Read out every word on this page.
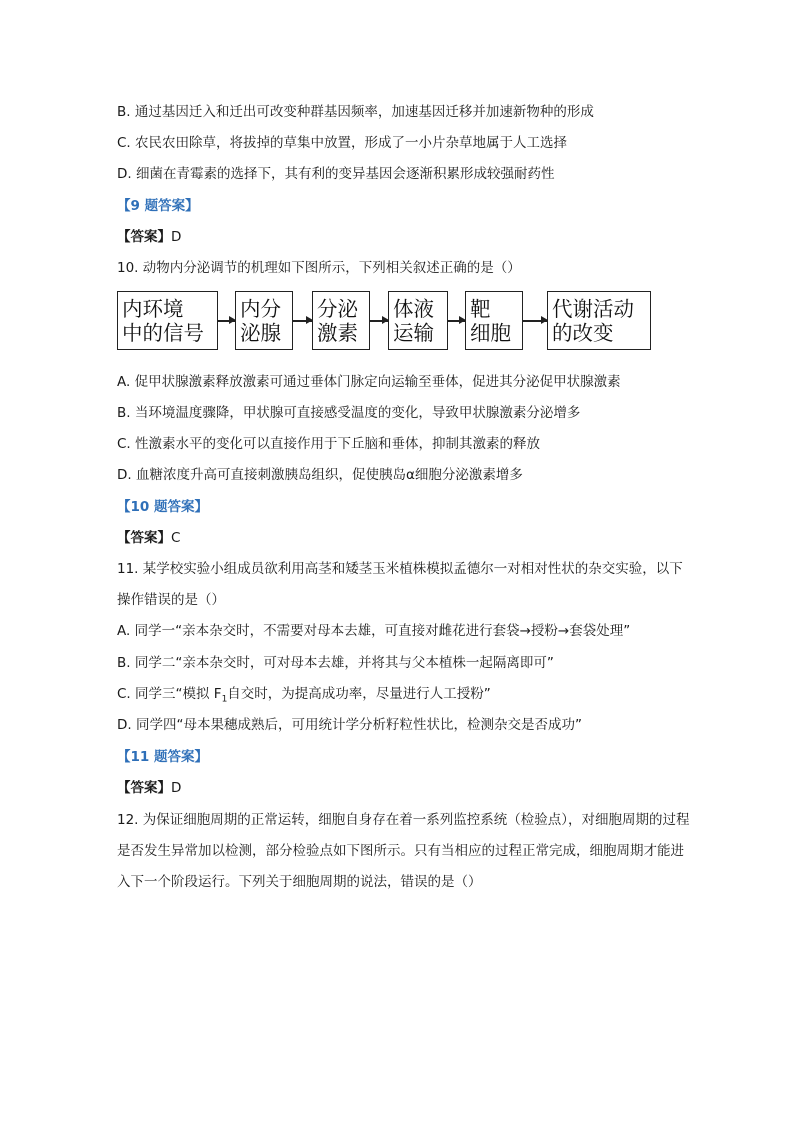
B. 通过基因迁入和迁出可改变种群基因频率，加速基因迁移并加速新物种的形成

C. 农民农田除草，将拔掉的草集中放置，形成了一小片杂草地属于人工选择

D. 细菌在青霉素的选择下，其有利的变异基因会逐渐积累形成较强耐药性

【9 题答案】

【答案】D

10. 动物内分泌调节的机理如下图所示，下列相关叙述正确的是（）

内环境
中的信号
内分
泌腺
分泌
激素
体液
运输
靶
细胞
代谢活动
的改变

A. 促甲状腺激素释放激素可通过垂体门脉定向运输至垂体，促进其分泌促甲状腺激素

B. 当环境温度骤降，甲状腺可直接感受温度的变化，导致甲状腺激素分泌增多

C. 性激素水平的变化可以直接作用于下丘脑和垂体，抑制其激素的释放

D. 血糖浓度升高可直接刺激胰岛组织，促使胰岛α细胞分泌激素增多

【10 题答案】

【答案】C

11. 某学校实验小组成员欲利用高茎和矮茎玉米植株模拟孟德尔一对相对性状的杂交实验，以下

操作错误的是（）

A. 同学一“亲本杂交时，不需要对母本去雄，可直接对雌花进行套袋→授粉→套袋处理”

B. 同学二“亲本杂交时，可对母本去雄，并将其与父本植株一起隔离即可”

C. 同学三“模拟 $F_1$自交时，为提高成功率，尽量进行人工授粉”

D. 同学四“母本果穗成熟后，可用统计学分析籽粒性状比，检测杂交是否成功”

【11 题答案】

【答案】D

12. 为保证细胞周期的正常运转，细胞自身存在着一系列监控系统（检验点），对细胞周期的过程

是否发生异常加以检测，部分检验点如下图所示。只有当相应的过程正常完成，细胞周期才能进

入下一个阶段运行。下列关于细胞周期的说法，错误的是（）
